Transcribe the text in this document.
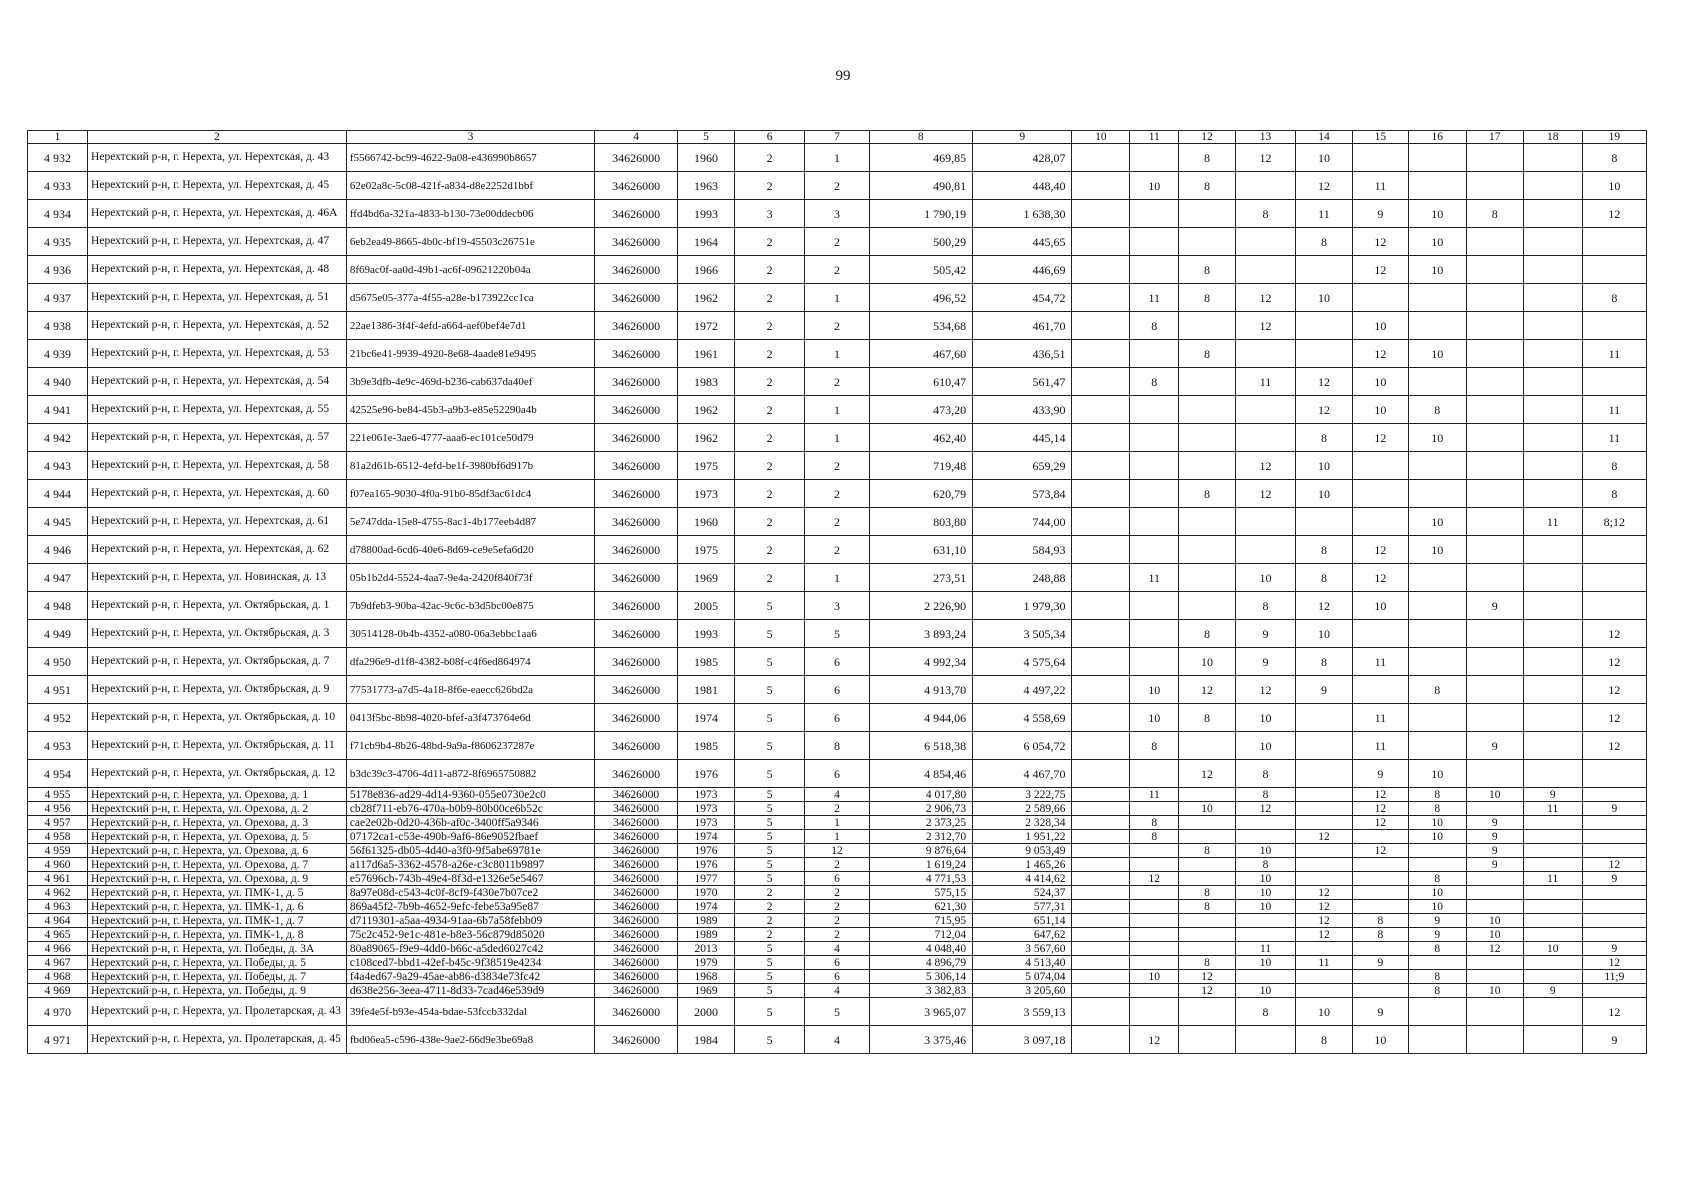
99
1	2	3	4	5	6	7	8	9	10	11	12	13	14	15	16	17	18	19
4 932	Нерехтский р-н, г. Нерехта, ул. Нерехтская, д. 43	f5566742-bc99-4622-9a08-e436990b8657	34626000	1960	2	1	469,85	428,07			8	12	10					8
4 933	Нерехтский р-н, г. Нерехта, ул. Нерехтская, д. 45	62e02a8c-5c08-421f-a834-d8e2252d1bbf	34626000	1963	2	2	490,81	448,40		10	8		12	11				10
4 934	Нерехтский р-н, г. Нерехта, ул. Нерехтская, д. 46А	ffd4bd6a-321a-4833-b130-73e00ddecb06	34626000	1993	3	3	1 790,19	1 638,30				8	11	9	10	8		12
4 935	Нерехтский р-н, г. Нерехта, ул. Нерехтская, д. 47	6eb2ea49-8665-4b0c-bf19-45503c26751e	34626000	1964	2	2	500,29	445,65					8	12	10			
4 936	Нерехтский р-н, г. Нерехта, ул. Нерехтская, д. 48	8f69ac0f-aa0d-49b1-ac6f-09621220b04a	34626000	1966	2	2	505,42	446,69			8			12	10			
4 937	Нерехтский р-н, г. Нерехта, ул. Нерехтская, д. 51	d5675e05-377a-4f55-a28e-b173922cc1ca	34626000	1962	2	1	496,52	454,72		11	8	12	10					8
4 938	Нерехтский р-н, г. Нерехта, ул. Нерехтская, д. 52	22ae1386-3f4f-4efd-a664-aef0bef4e7d1	34626000	1972	2	2	534,68	461,70		8		12		10				
4 939	Нерехтский р-н, г. Нерехта, ул. Нерехтская, д. 53	21bc6e41-9939-4920-8e68-4aade81e9495	34626000	1961	2	1	467,60	436,51			8			12	10			11
4 940	Нерехтский р-н, г. Нерехта, ул. Нерехтская, д. 54	3b9e3dfb-4e9c-469d-b236-cab637da40ef	34626000	1983	2	2	610,47	561,47		8		11	12	10				
4 941	Нерехтский р-н, г. Нерехта, ул. Нерехтская, д. 55	42525e96-be84-45b3-a9b3-e85e52290a4b	34626000	1962	2	1	473,20	433,90					12	10	8			11
4 942	Нерехтский р-н, г. Нерехта, ул. Нерехтская, д. 57	221e061e-3ae6-4777-aaa6-ec101ce50d79	34626000	1962	2	1	462,40	445,14					8	12	10			11
4 943	Нерехтский р-н, г. Нерехта, ул. Нерехтская, д. 58	81a2d61b-6512-4efd-be1f-3980bf6d917b	34626000	1975	2	2	719,48	659,29				12	10					8
4 944	Нерехтский р-н, г. Нерехта, ул. Нерехтская, д. 60	f07ea165-9030-4f0a-91b0-85df3ac61dc4	34626000	1973	2	2	620,79	573,84			8	12	10					8
4 945	Нерехтский р-н, г. Нерехта, ул. Нерехтская, д. 61	5e747dda-15e8-4755-8ac1-4b177eeb4d87	34626000	1960	2	2	803,80	744,00							10		11	8;12
4 946	Нерехтский р-н, г. Нерехта, ул. Нерехтская, д. 62	d78800ad-6cd6-40e6-8d69-ce9e5efa6d20	34626000	1975	2	2	631,10	584,93					8	12	10			
4 947	Нерехтский р-н, г. Нерехта, ул. Новинская, д. 13	05b1b2d4-5524-4aa7-9e4a-2420f840f73f	34626000	1969	2	1	273,51	248,88		11		10	8	12				
4 948	Нерехтский р-н, г. Нерехта, ул. Октябрьская, д. 1	7b9dfeb3-90ba-42ac-9c6c-b3d5bc00e875	34626000	2005	5	3	2 226,90	1 979,30				8	12	10		9		
4 949	Нерехтский р-н, г. Нерехта, ул. Октябрьская, д. 3	30514128-0b4b-4352-a080-06a3ebbc1aa6	34626000	1993	5	5	3 893,24	3 505,34			8	9	10					12
4 950	Нерехтский р-н, г. Нерехта, ул. Октябрьская, д. 7	dfa296e9-d1f8-4382-b08f-c4f6ed864974	34626000	1985	5	6	4 992,34	4 575,64			10	9	8	11				12
4 951	Нерехтский р-н, г. Нерехта, ул. Октябрьская, д. 9	77531773-a7d5-4a18-8f6e-eaecc626bd2a	34626000	1981	5	6	4 913,70	4 497,22		10	12	12	9		8			12
4 952	Нерехтский р-н, г. Нерехта, ул. Октябрьская, д. 10	0413f5bc-8b98-4020-bfef-a3f473764e6d	34626000	1974	5	6	4 944,06	4 558,69		10	8	10		11				12
4 953	Нерехтский р-н, г. Нерехта, ул. Октябрьская, д. 11	f71cb9b4-8b26-48bd-9a9a-f8606237287e	34626000	1985	5	8	6 518,38	6 054,72		8		10		11		9		12
4 954	Нерехтский р-н, г. Нерехта, ул. Октябрьская, д. 12	b3dc39c3-4706-4d11-a872-8f6965750882	34626000	1976	5	6	4 854,46	4 467,70			12	8		9	10			
4 955	Нерехтский р-н, г. Нерехта, ул. Орехова, д. 1	5178e836-ad29-4d14-9360-055e0730e2c0	34626000	1973	5	4	4 017,80	3 222,75		11		8		12	8	10	9	
4 956	Нерехтский р-н, г. Нерехта, ул. Орехова, д. 2	cb28f711-eb76-470a-b0b9-80b00ce6b52c	34626000	1973	5	2	2 906,73	2 589,66			10	12		12	8		11	9
4 957	Нерехтский р-н, г. Нерехта, ул. Орехова, д. 3	cae2e02b-0d20-436b-af0c-3400ff5a9346	34626000	1973	5	1	2 373,25	2 328,34		8				12	10	9		
4 958	Нерехтский р-н, г. Нерехта, ул. Орехова, д. 5	07172ca1-c53e-490b-9af6-86e9052fbaef	34626000	1974	5	1	2 312,70	1 951,22		8			12		10	9		
4 959	Нерехтский р-н, г. Нерехта, ул. Орехова, д. 6	56f61325-db05-4d40-a3f0-9f5abe69781e	34626000	1976	5	12	9 876,64	9 053,49			8	10		12		9		
4 960	Нерехтский р-н, г. Нерехта, ул. Орехова, д. 7	a117d6a5-3362-4578-a26e-c3c8011b9897	34626000	1976	5	2	1 619,24	1 465,26				8				9		12
4 961	Нерехтский р-н, г. Нерехта, ул. Орехова, д. 9	e57696cb-743b-49e4-8f3d-e1326e5e5467	34626000	1977	5	6	4 771,53	4 414,62		12		10			8		11	9
4 962	Нерехтский р-н, г. Нерехта, ул. ПМК-1, д. 5	8a97e08d-c543-4c0f-8cf9-f430e7b07ce2	34626000	1970	2	2	575,15	524,37			8	10	12		10			
4 963	Нерехтский р-н, г. Нерехта, ул. ПМК-1, д. 6	869a45f2-7b9b-4652-9efc-febe53a95e87	34626000	1974	2	2	621,30	577,31			8	10	12		10			
4 964	Нерехтский р-н, г. Нерехта, ул. ПМК-1, д. 7	d7119301-a5aa-4934-91aa-6b7a58febb09	34626000	1989	2	2	715,95	651,14					12	8	9	10		
4 965	Нерехтский р-н, г. Нерехта, ул. ПМК-1, д. 8	75c2c452-9e1c-481e-b8e3-56c879d85020	34626000	1989	2	2	712,04	647,62					12	8	9	10		
4 966	Нерехтский р-н, г. Нерехта, ул. Победы, д. 3А	80a89065-f9e9-4dd0-b66c-a5ded6027c42	34626000	2013	5	4	4 048,40	3 567,60				11			8	12	10	9
4 967	Нерехтский р-н, г. Нерехта, ул. Победы, д. 5	c108ced7-bbd1-42ef-b45c-9f38519e4234	34626000	1979	5	6	4 896,79	4 513,40			8	10	11	9				12
4 968	Нерехтский р-н, г. Нерехта, ул. Победы, д. 7	f4a4ed67-9a29-45ae-ab86-d3834e73fc42	34626000	1968	5	6	5 306,14	5 074,04		10	12				8			11;9
4 969	Нерехтский р-н, г. Нерехта, ул. Победы, д. 9	d638e256-3eea-4711-8d33-7cad46e539d9	34626000	1969	5	4	3 382,83	3 205,60			12	10			8	10	9	
4 970	Нерехтский р-н, г. Нерехта, ул. Пролетарская, д. 43	39fe4e5f-b93e-454a-bdae-53fccb332dal	34626000	2000	5	5	3 965,07	3 559,13				8	10	9				12
4 971	Нерехтский р-н, г. Нерехта, ул. Пролетарская, д. 45	fbd06ea5-c596-438e-9ae2-66d9e3be69a8	34626000	1984	5	4	3 375,46	3 097,18		12			8	10				9
